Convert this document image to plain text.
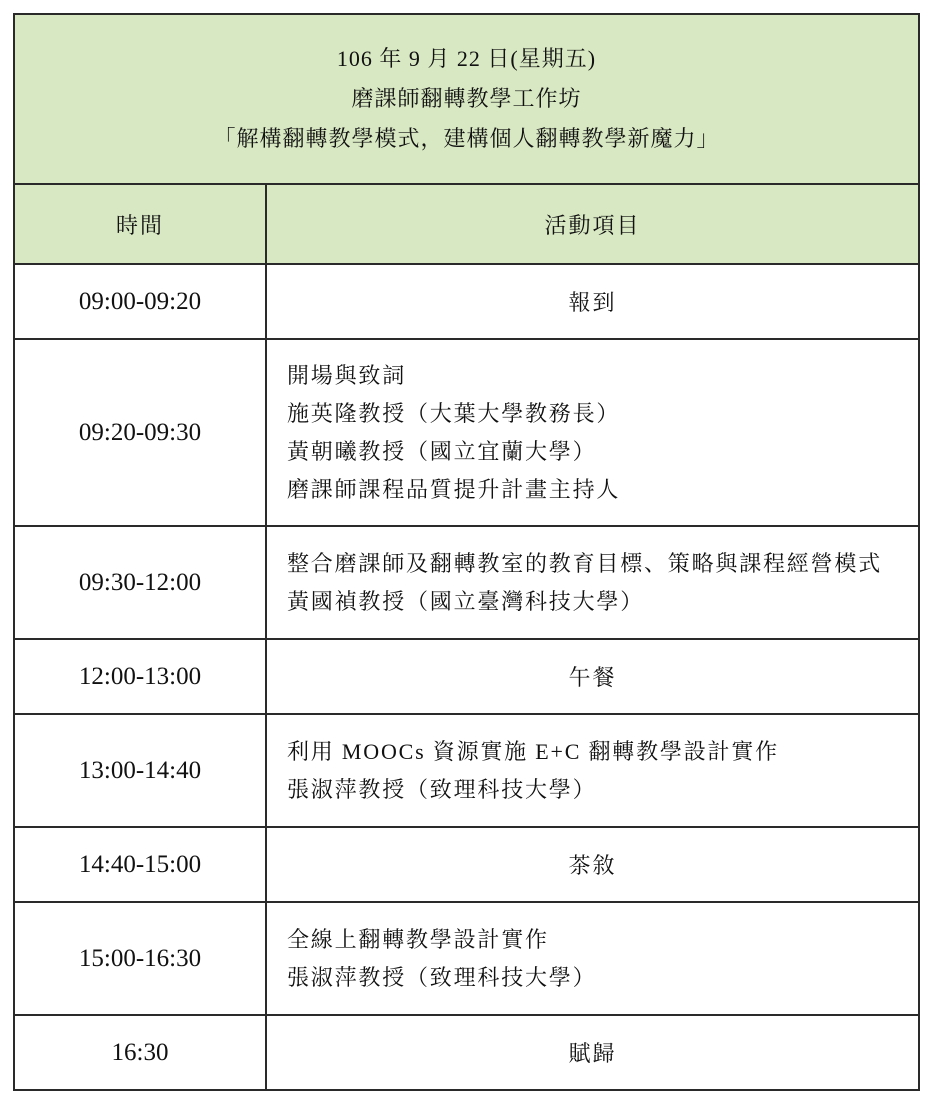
106 年 9 月 22 日(星期五)
磨課師翻轉教學工作坊
「解構翻轉教學模式，建構個人翻轉教學新魔力」	

時間	活動項目
09:00-09:20	報到
09:20-09:30	開場與致詞
施英隆教授（大葉大學教務長）
黃朝曦教授（國立宜蘭大學）
磨課師課程品質提升計畫主持人

09:30-12:00	整合磨課師及翻轉教室的教育目標、策略與課程經營模式
黃國禎教授（國立臺灣科技大學）

12:00-13:00	午餐
13:00-14:40	利用 MOOCs 資源實施 E+C 翻轉教學設計實作
張淑萍教授（致理科技大學）

14:40-15:00	茶敘
15:00-16:30	全線上翻轉教學設計實作
張淑萍教授（致理科技大學）

16:30	賦歸
